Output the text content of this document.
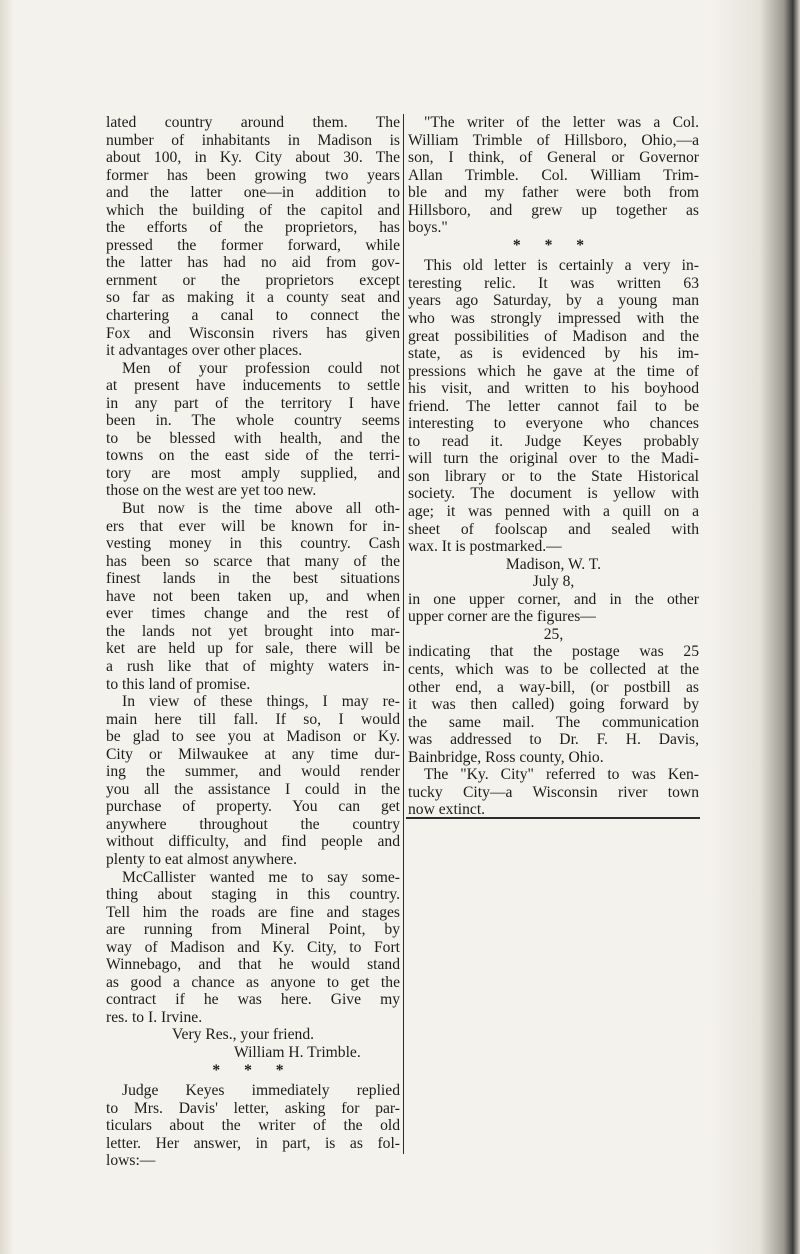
lated country around them. The
number of inhabitants in Madison is
about 100, in Ky. City about 30. The
former has been growing two years
and the latter one—in addition to
which the building of the capitol and
the efforts of the proprietors, has
pressed the former forward, while
the latter has had no aid from gov-
ernment or the proprietors except
so far as making it a county seat and
chartering a canal to connect the
Fox and Wisconsin rivers has given
it advantages over other places.
Men of your profession could not
at present have inducements to settle
in any part of the territory I have
been in. The whole country seems
to be blessed with health, and the
towns on the east side of the terri-
tory are most amply supplied, and
those on the west are yet too new.
But now is the time above all oth-
ers that ever will be known for in-
vesting money in this country. Cash
has been so scarce that many of the
finest lands in the best situations
have not been taken up, and when
ever times change and the rest of
the lands not yet brought into mar-
ket are held up for sale, there will be
a rush like that of mighty waters in-
to this land of promise.
In view of these things, I may re-
main here till fall. If so, I would
be glad to see you at Madison or Ky.
City or Milwaukee at any time dur-
ing the summer, and would render
you all the assistance I could in the
purchase of property. You can get
anywhere throughout the country
without difficulty, and find people and
plenty to eat almost anywhere.
McCallister wanted me to say some-
thing about staging in this country.
Tell him the roads are fine and stages
are running from Mineral Point, by
way of Madison and Ky. City, to Fort
Winnebago, and that he would stand
as good a chance as anyone to get the
contract if he was here. Give my
res. to I. Irvine.
Very Res., your friend.
William H. Trimble.
* * *
Judge Keyes immediately replied
to Mrs. Davis' letter, asking for par-
ticulars about the writer of the old
letter. Her answer, in part, is as fol-
lows:—
"The writer of the letter was a Col.
William Trimble of Hillsboro, Ohio,—a
son, I think, of General or Governor
Allan Trimble. Col. William Trim-
ble and my father were both from
Hillsboro, and grew up together as
boys."
* * *
This old letter is certainly a very in-
teresting relic. It was written 63
years ago Saturday, by a young man
who was strongly impressed with the
great possibilities of Madison and the
state, as is evidenced by his im-
pressions which he gave at the time of
his visit, and written to his boyhood
friend. The letter cannot fail to be
interesting to everyone who chances
to read it. Judge Keyes probably
will turn the original over to the Madi-
son library or to the State Historical
society. The document is yellow with
age; it was penned with a quill on a
sheet of foolscap and sealed with
wax. It is postmarked.—
Madison, W. T.
July 8,
in one upper corner, and in the other
upper corner are the figures—
25,
indicating that the postage was 25
cents, which was to be collected at the
other end, a way-bill, (or postbill as
it was then called) going forward by
the same mail. The communication
was addressed to Dr. F. H. Davis,
Bainbridge, Ross county, Ohio.
The "Ky. City" referred to was Ken-
tucky City—a Wisconsin river town
now extinct.
